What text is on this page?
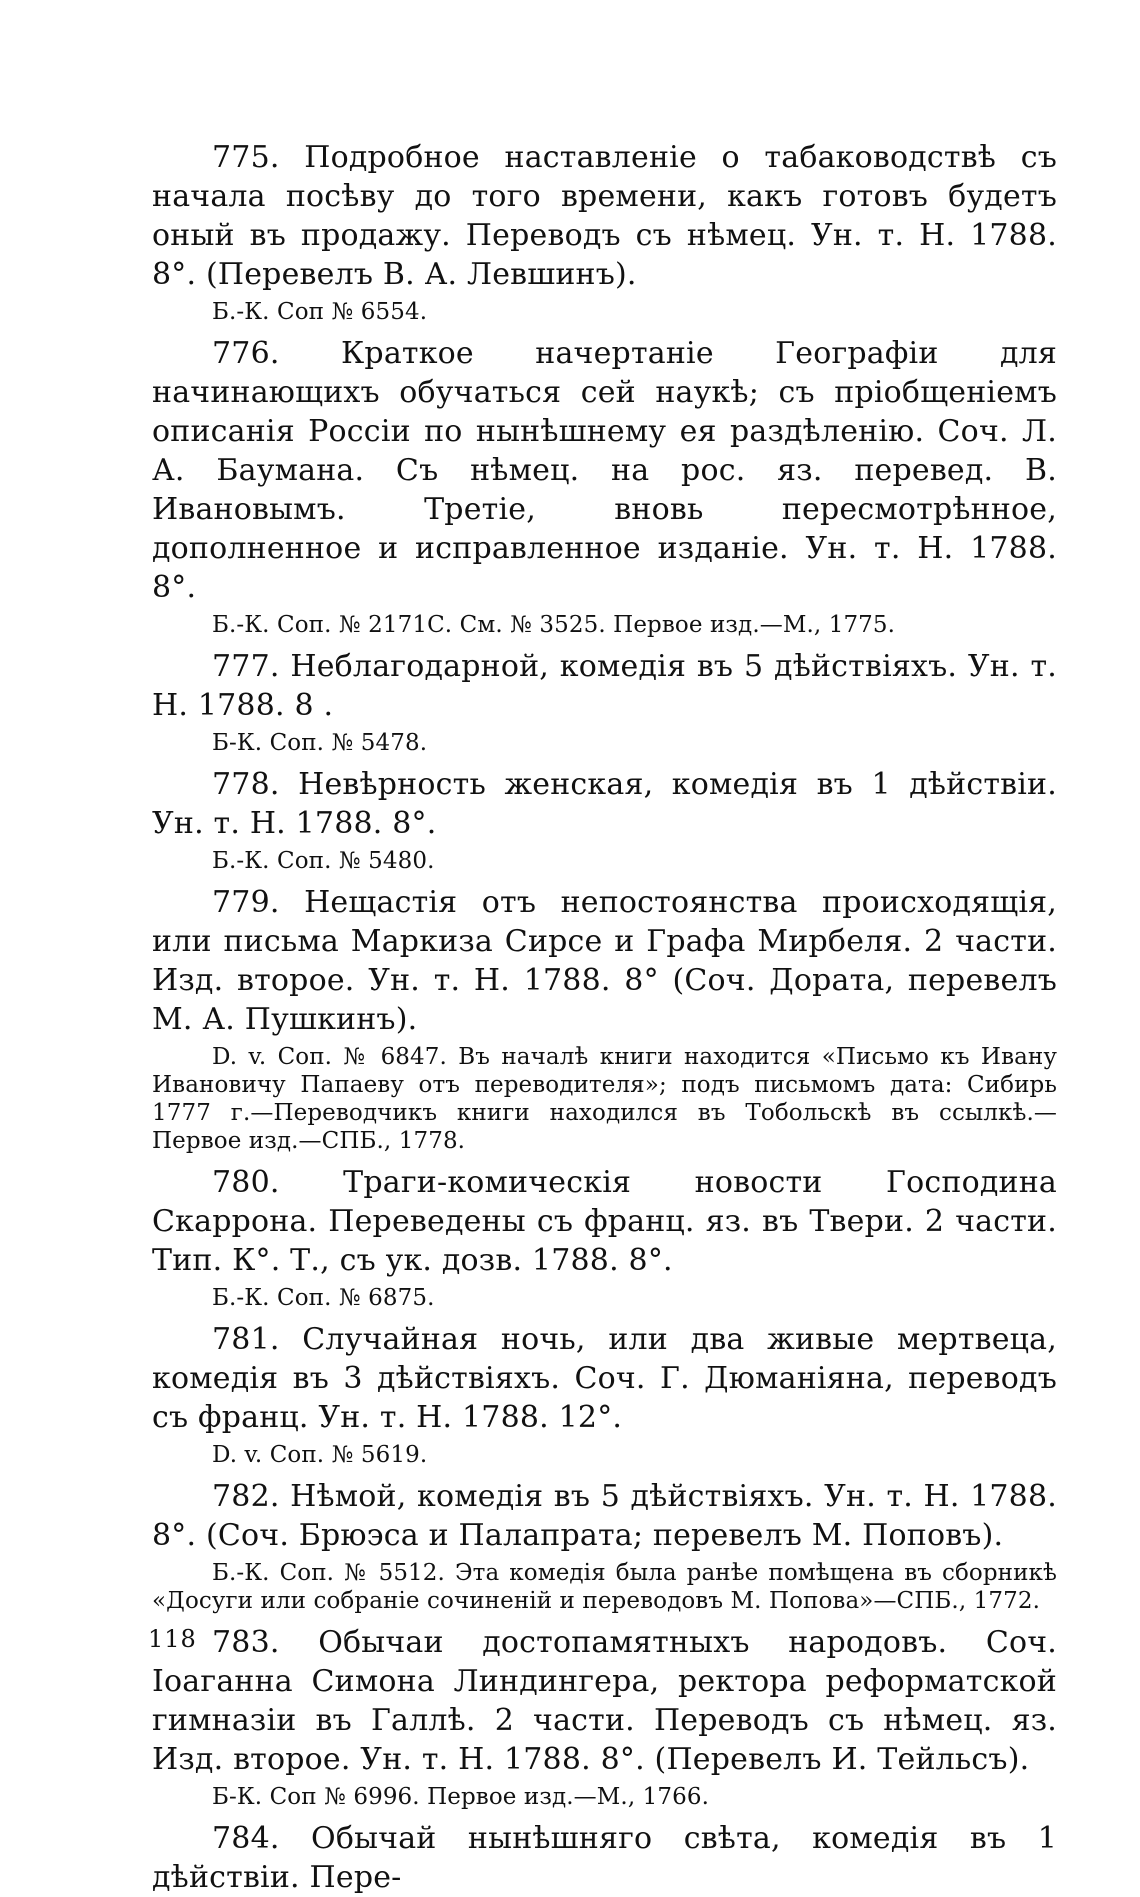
775. Подробное наставленіе о табаководствѣ съ начала посѣву до того времени, какъ готовъ будетъ оный въ продажу. Переводъ съ нѣмец. Ун. т. Н. 1788. 8°. (Перевелъ В. А. Левшинъ).

Б.-К. Соп № 6554.

776. Краткое начертаніе Географіи для начинающихъ обучаться сей наукѣ; съ пріобщеніемъ описанія Россіи по нынѣшнему ея раздѣленію. Соч. Л. А. Баумана. Съ нѣмец. на рос. яз. перевед. В. Ивановымъ. Третіе, вновь пересмотрѣнное, дополненное и исправленное изданіе. Ун. т. Н. 1788. 8°.

Б.-К. Соп. № 2171С. См. № 3525. Первое изд.—М., 1775.

777. Неблагодарной, комедія въ 5 дѣйствіяхъ. Ун. т. Н. 1788. 8 .

Б-К. Соп. № 5478.

778. Невѣрность женская, комедія въ 1 дѣйствіи. Ун. т. Н. 1788. 8°.

Б.-К. Соп. № 5480.

779. Нещастія отъ непостоянства происходящія, или письма Маркиза Сирсе и Графа Мирбеля. 2 части. Изд. второе. Ун. т. Н. 1788. 8° (Соч. Дората, перевелъ М. А. Пушкинъ).

D. v. Соп. № 6847. Въ началѣ книги находится «Письмо къ Ивану Ивановичу Папаеву отъ переводителя»; подъ письмомъ дата: Сибирь 1777 г.—Переводчикъ книги находился въ Тобольскѣ въ ссылкѣ.—Первое изд.—СПБ., 1778.

780. Траги-комическія новости Господина Скаррона. Переведены съ франц. яз. въ Твери. 2 части. Тип. К°. Т., съ ук. дозв. 1788. 8°.

Б.-К. Соп. № 6875.

781. Случайная ночь, или два живые мертвеца, комедія въ 3 дѣйствіяхъ. Соч. Г. Дюманіяна, переводъ съ франц. Ун. т. Н. 1788. 12°.

D. v. Соп. № 5619.

782. Нѣмой, комедія въ 5 дѣйствіяхъ. Ун. т. Н. 1788. 8°. (Соч. Брюэса и Палапрата; перевелъ М. Поповъ).

Б.-К. Соп. № 5512. Эта комедія была ранѣе помѣщена въ сборникѣ «Досуги или собраніе сочиненій и переводовъ М. Попова»—СПБ., 1772.

783. Обычаи достопамятныхъ народовъ. Соч. Іоаганна Симона Линдингера, ректора реформатской гимназіи въ Галлѣ. 2 части. Переводъ съ нѣмец. яз. Изд. второе. Ун. т. Н. 1788. 8°. (Перевелъ И. Тейльсъ).

Б-К. Соп № 6996. Первое изд.—М., 1766.

784. Обычай нынѣшняго свѣта, комедія въ 1 дѣйствіи. Пере-

118
